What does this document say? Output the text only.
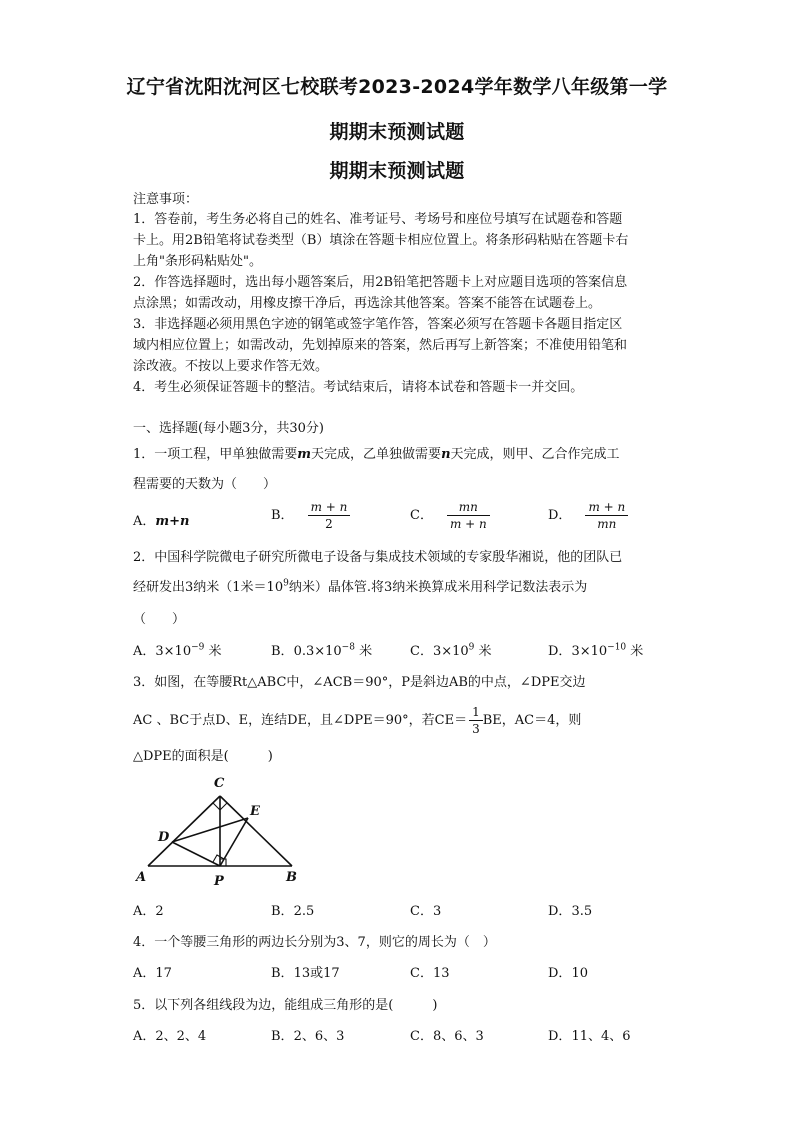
辽宁省沈阳沈河区七校联考2023-2024学年数学八年级第一学
期期末预测试题
期期末预测试题
注意事项：
1．答卷前，考生务必将自己的姓名、准考证号、考场号和座位号填写在试题卷和答题
卡上。用2B铅笔将试卷类型（B）填涂在答题卡相应位置上。将条形码粘贴在答题卡右
上角"条形码粘贴处"。
2．作答选择题时，选出每小题答案后，用2B铅笔把答题卡上对应题目选项的答案信息
点涂黑；如需改动，用橡皮擦干净后，再选涂其他答案。答案不能答在试题卷上。
3．非选择题必须用黑色字迹的钢笔或签字笔作答，答案必须写在答题卡各题目指定区
域内相应位置上；如需改动，先划掉原来的答案，然后再写上新答案；不准使用铅笔和
涂改液。不按以上要求作答无效。
4．考生必须保证答题卡的整洁。考试结束后，请将本试卷和答题卡一并交回。
一、选择题(每小题3分，共30分)
1．一项工程，甲单独做需要m天完成，乙单独做需要n天完成，则甲、乙合作完成工
程需要的天数为（　　）
A．m+n	B． $\frac{m + n}{2}$	C． $\frac{mn}{m + n}$	D． $\frac{m + n}{mn}$
2．中国科学院微电子研究所微电子设备与集成技术领域的专家殷华湘说，他的团队已
经研发出3纳米（1米$=10^9$纳米）晶体管.将3纳米换算成米用科学记数法表示为
（　　）
A．$3\times 10^{-9}$ 米	B．$0.3\times 10^{-8}$ 米	C．$3\times 10^9$ 米	D．$3\times 10^{-10}$ 米
3．如图，在等腰Rt△ABC中，∠ACB＝90°，P是斜边AB的中点，∠DPE交边
AC 、BC于点D、E，连结DE，且∠DPE＝90°，若$CE= \frac{1}{3}$ BE，AC＝4，则
△DPE的面积是(　　　)
C
E
D
A	P	B
A．2	B．2.5	C．3	D．3.5
4．一个等腰三角形的两边长分别为3、7，则它的周长为（　）
A．17	B．13或17	C．13	D．10
5．以下列各组线段为边，能组成三角形的是(　　　)
A．2、2、4	B．2、6、3	C．8、6、3	D．11、4、6
